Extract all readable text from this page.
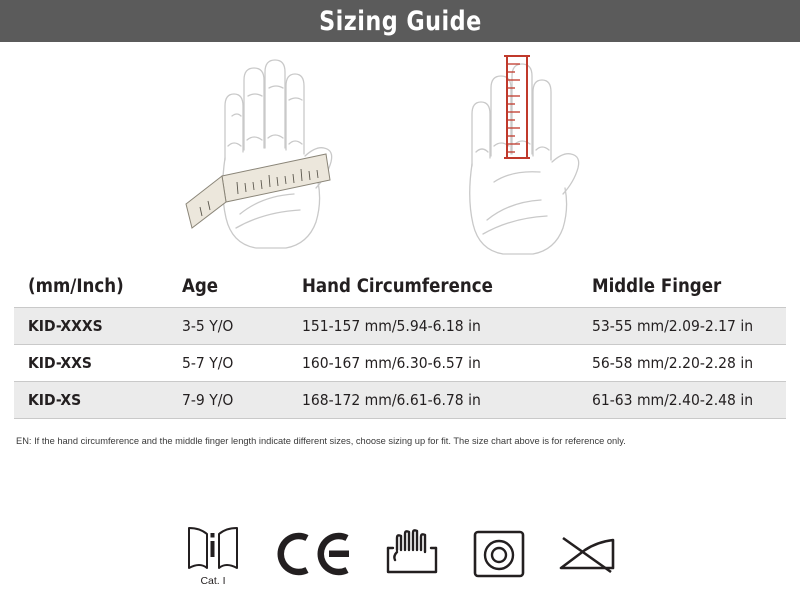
Sizing Guide
(mm/Inch)	Age	Hand Circumference	Middle Finger
KID-XXXS	3-5 Y/O	151-157 mm/5.94-6.18 in	53-55 mm/2.09-2.17 in
KID-XXS	5-7 Y/O	160-167 mm/6.30-6.57 in	56-58 mm/2.20-2.28 in
KID-XS	7-9 Y/O	168-172 mm/6.61-6.78 in	61-63 mm/2.40-2.48 in
EN: If the hand circumference and the middle finger length indicate different sizes, choose sizing up for fit. The size chart above is for reference only.
Cat. I
